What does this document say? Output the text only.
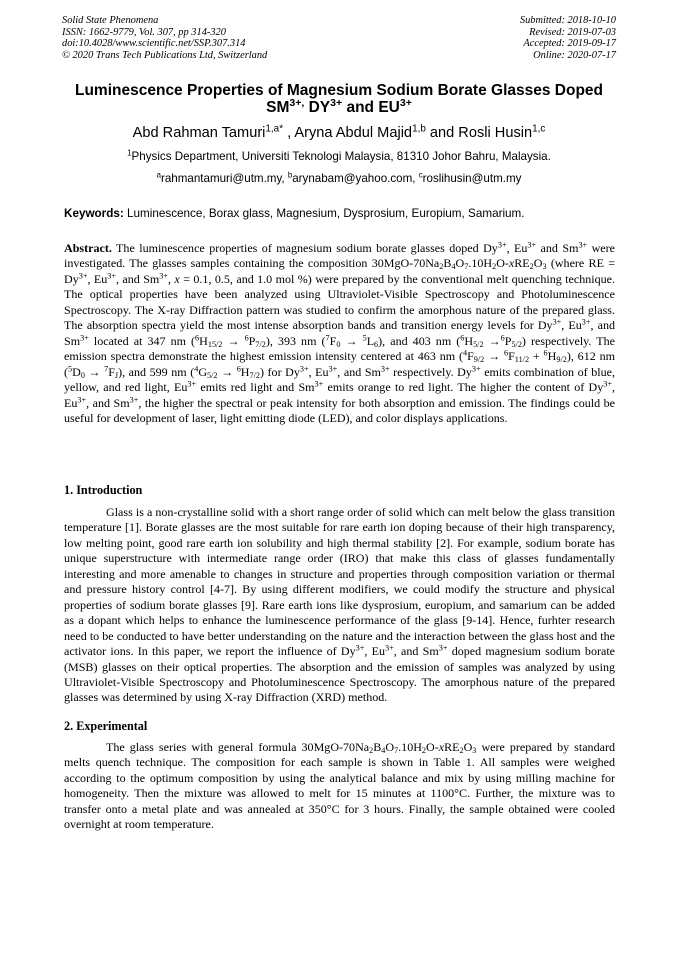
Solid State Phenomena
ISSN: 1662-9779, Vol. 307, pp 314-320
doi:10.4028/www.scientific.net/SSP.307.314
© 2020 Trans Tech Publications Ltd, Switzerland
Submitted: 2018-10-10
Revised: 2019-07-03
Accepted: 2019-09-17
Online: 2020-07-17
Luminescence Properties of Magnesium Sodium Borate Glasses Doped
$SM^{3+,}$ $DY^{3+}$ and $EU^{3+}$
Abd Rahman Tamuri$^{1,a*}$ , Aryna Abdul Majid$^{1,b}$ and Rosli Husin$^{1,c}$
$^1$Physics Department, Universiti Teknologi Malaysia, 81310 Johor Bahru, Malaysia.
$^a$rahmantamuri@utm.my, $^b$arynabam@yahoo.com, $^c$roslihusin@utm.my
Keywords: Luminescence, Borax glass, Magnesium, Dysprosium, Europium, Samarium.
Abstract. The luminescence properties of magnesium sodium borate glasses doped $Dy^{3+}$, $Eu^{3+}$ and $Sm^{3+}$ were investigated. The glasses samples containing the composition $30MgO-70Na_2B_4O_7.10H_2O-xRE_2O_3$ (where RE = $Dy^{3+}$, $Eu^{3+}$, and $Sm^{3+}$, x = 0.1, 0.5, and 1.0 mol %) were prepared by the conventional melt quenching technique. The optical properties have been analyzed using Ultraviolet-Visible Spectroscopy and Photoluminescence Spectroscopy. The X-ray Diffraction pattern was studied to confirm the amorphous nature of the prepared glass. The absorption spectra yield the most intense absorption bands and transition energy levels for $Dy^{3+}$, $Eu^{3+}$, and $Sm^{3+}$ located at 347 nm $(^6H_{15/2} \to ^6P_{7/2})$, 393 nm $(^7F_0 \to ^5L_6)$, and 403 nm $(^6H_{5/2} \to^6P_{5/2})$ respectively. The emission spectra demonstrate the highest emission intensity centered at 463 nm $(^4F_{9/2} \to ^6F_{11/2} + ^6H_{9/2})$, 612 nm $(^5D_0 \to ^7F_J)$, and 599 nm $(^4G_{5/2} \to ^6H_{7/2})$ for $Dy^{3+}$, $Eu^{3+}$, and $Sm^{3+}$ respectively. $Dy^{3+}$ emits combination of blue, yellow, and red light, $Eu^{3+}$ emits red light and $Sm^{3+}$ emits orange to red light. The higher the content of $Dy^{3+}$, $Eu^{3+}$, and $Sm^{3+}$, the higher the spectral or peak intensity for both absorption and emission. The findings could be useful for development of laser, light emitting diode (LED), and color displays applications.
1. Introduction
Glass is a non-crystalline solid with a short range order of solid which can melt below the glass transition temperature [1]. Borate glasses are the most suitable for rare earth ion doping because of their high transparency, low melting point, good rare earth ion solubility and high thermal stability [2]. For example, sodium borate has unique superstructure with intermediate range order (IRO) that make this class of glasses fundamentally interesting and more amenable to changes in structure and properties through composition variation or thermal and pressure history control [4-7]. By using different modifiers, we could modify the structure and physical properties of sodium borate glasses [9]. Rare earth ions like dysprosium, europium, and samarium can be added as a dopant which helps to enhance the luminescence performance of the glass [9-14]. Hence, furhter research need to be conducted to have better understanding on the nature and the interaction between the glass host and the activator ions. In this paper, we report the influence of $Dy^{3+}$, $Eu^{3+}$, and $Sm^{3+}$ doped magnesium sodium borate (MSB) glasses on their optical properties. The absorption and the emission of samples was analyzed by using Ultraviolet-Visible Spectroscopy and Photoluminescence Spectroscopy. The amorphous nature of the prepared glasses was determined by using X-ray Diffraction (XRD) method.
2. Experimental
The glass series with general formula $30MgO-70Na_2B_4O_7.10H_2O-xRE_2O_3$ were prepared by standard melts quench technique. The composition for each sample is shown in Table 1. All samples were weighed according to the optimum composition by using the analytical balance and mix by using milling machine for homogeneity. Then the mixture was allowed to melt for 15 minutes at 1100°C. Further, the mixture was to transfer onto a metal plate and was annealed at 350°C for 3 hours. Finally, the sample obtained were cooled overnight at room temperature.
